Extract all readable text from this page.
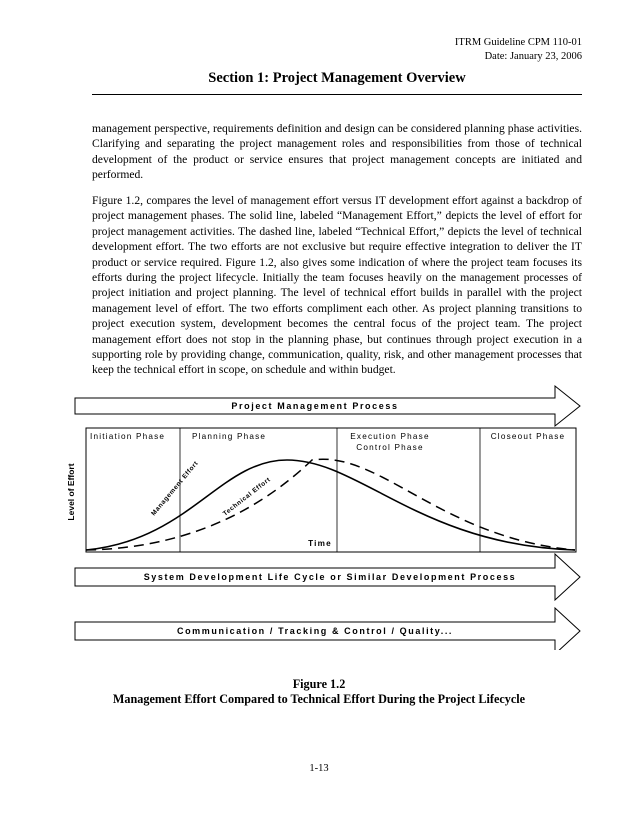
ITRM Guideline CPM 110-01
Date: January 23, 2006
Section 1: Project Management Overview

management perspective, requirements definition and design can be considered planning phase activities. Clarifying and separating the project management roles and responsibilities from those of technical development of the product or service ensures that project management concepts are initiated and performed.

Figure 1.2, compares the level of management effort versus IT development effort against a backdrop of project management phases. The solid line, labeled “Management Effort,” depicts the level of effort for project management activities. The dashed line, labeled “Technical Effort,” depicts the level of technical development effort. The two efforts are not exclusive but require effective integration to deliver the IT product or service required. Figure 1.2, also gives some indication of where the project team focuses its efforts during the project lifecycle. Initially the team focuses heavily on the management processes of project initiation and project planning. The level of technical effort builds in parallel with the project management level of effort. The two efforts compliment each other. As project planning transitions to project execution system, development becomes the central focus of the project team. The project management effort does not stop in the planning phase, but continues through project execution in a supporting role by providing change, communication, quality, risk, and other management processes that keep the technical effort in scope, on schedule and within budget.

Project Management Process
Initiation Phase	Planning Phase	Execution Phase
Control Phase
Closeout Phase
Level of Effort	Management Effort	Technical Effort
Time
System Development Life Cycle or Similar Development Process
Communication / Tracking & Control / Quality...
Figure 1.2
Management Effort Compared to Technical Effort During the Project Lifecycle
1-13
